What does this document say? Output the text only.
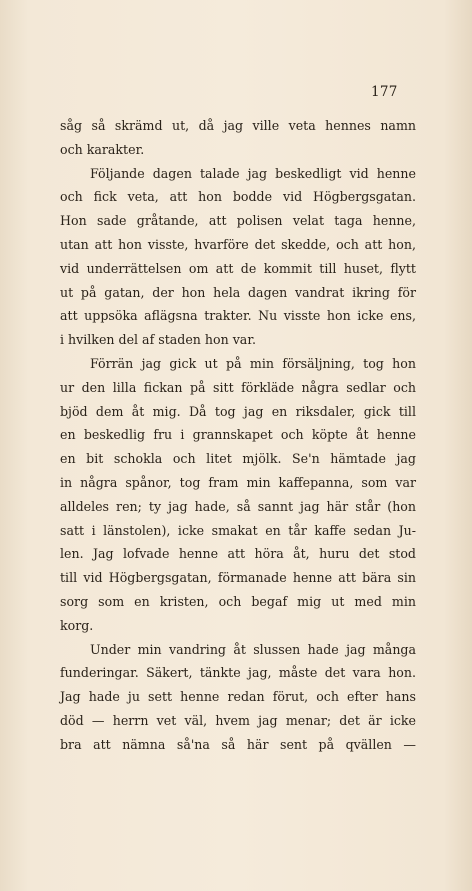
177
såg så skrämd ut, då jag ville veta hennes namn
och karakter.
Följande dagen talade jag beskedligt vid henne
och fick veta, att hon bodde vid Högbergsgatan.
Hon sade gråtande, att polisen velat taga henne,
utan att hon visste, hvarföre det skedde, och att hon,
vid underrättelsen om att de kommit till huset, flytt
ut på gatan, der hon hela dagen vandrat ikring för
att uppsöka aflägsna trakter. Nu visste hon icke ens,
i hvilken del af staden hon var.
Förrän jag gick ut på min försäljning, tog hon
ur den lilla fickan på sitt förkläde några sedlar och
bjöd dem åt mig. Då tog jag en riksdaler, gick till
en beskedlig fru i grannskapet och köpte åt henne
en bit schokla och litet mjölk. Se'n hämtade jag
in några spånor, tog fram min kaffepanna, som var
alldeles ren; ty jag hade, så sannt jag här står (hon
satt i länstolen), icke smakat en tår kaffe sedan Ju-
len. Jag lofvade henne att höra åt, huru det stod
till vid Högbergsgatan, förmanade henne att bära sin
sorg som en kristen, och begaf mig ut med min
korg.
Under min vandring åt slussen hade jag många
funderingar. Säkert, tänkte jag, måste det vara hon.
Jag hade ju sett henne redan förut, och efter hans
död — herrn vet väl, hvem jag menar; det är icke
bra att nämna så'na så här sent på qvällen —
